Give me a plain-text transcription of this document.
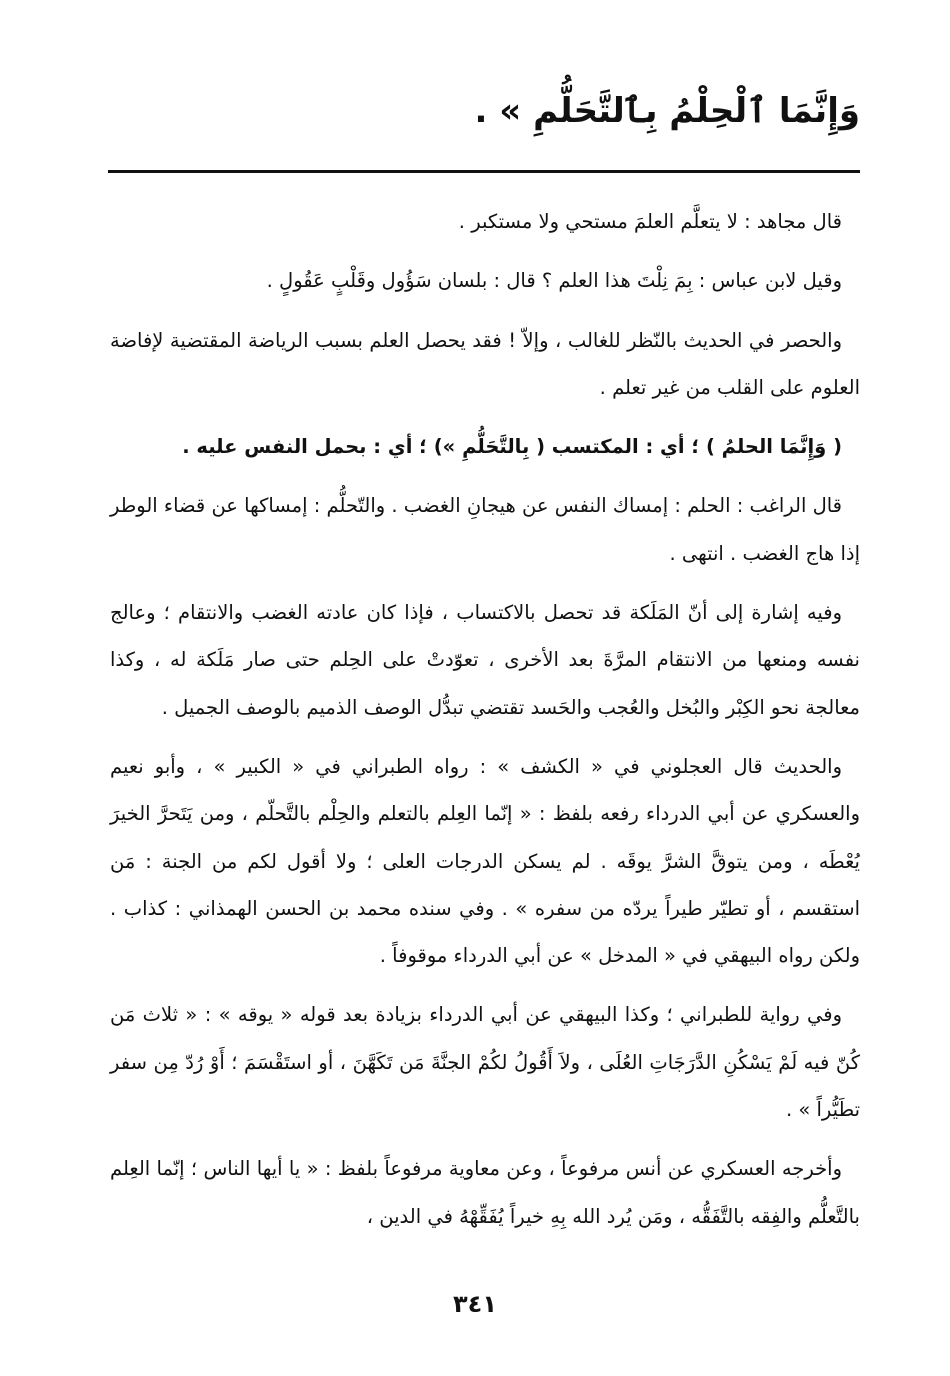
وَإِنَّمَا ٱلْحِلْمُ بِٱلتَّحَلُّمِ » .

قال مجاهد : لا يتعلَّم العلمَ مستحي ولا مستكبر .

وقيل لابن عباس : بِمَ نِلْتَ هذا العلم ؟ قال : بلسان سَؤُول وقَلْبٍ عَقُولٍ .

والحصر في الحديث بالنّظر للغالب ، وإلاّ ! فقد يحصل العلم بسبب الرياضة المقتضية لإفاضة العلوم على القلب من غير تعلم .

( وَإِنَّمَا الحلمُ ) ؛ أي : المكتسب ( بِالتَّحَلُّمِ ») ؛ أي : بحمل النفس عليه .

قال الراغب : الحلم : إمساك النفس عن هيجانِ الغضب . والتّحلُّم : إمساكها عن قضاء الوطر إذا هاج الغضب . انتهى .

وفيه إشارة إلى أنّ المَلَكة قد تحصل بالاكتساب ، فإذا كان عادته الغضب والانتقام ؛ وعالج نفسه ومنعها من الانتقام المرَّةَ بعد الأخرى ، تعوّدتْ على الحِلم حتى صار مَلَكة له ، وكذا معالجة نحو الكِبْر والبُخل والعُجب والحَسد تقتضي تبدُّل الوصف الذميم بالوصف الجميل .

والحديث قال العجلوني في « الكشف » : رواه الطبراني في « الكبير » ، وأبو نعيم والعسكري عن أبي الدرداء رفعه بلفظ : « إنّما العِلم بالتعلم والحِلْم بالتَّحلّم ، ومن يَتَحرَّ الخيرَ يُعْطَه ، ومن يتوقَّ الشرَّ يوقَه . لم يسكن الدرجات العلى ؛ ولا أقول لكم من الجنة : مَن استقسم ، أو تطيّر طيراً يردّه من سفره » . وفي سنده محمد بن الحسن الهمذاني : كذاب . ولكن رواه البيهقي في « المدخل » عن أبي الدرداء موقوفاً .

وفي رواية للطبراني ؛ وكذا البيهقي عن أبي الدرداء بزيادة بعد قوله « يوقه » : « ثلاث مَن كُنّ فيه لَمْ يَسْكُنِ الدَّرَجَاتِ العُلَى ، ولاَ أَقُولُ لكُمْ الجنَّةَ مَن تَكَهَّنَ ، أو استَقْسَمَ ؛ أَوْ رُدّ مِن سفر تطَيُّراً » .

وأخرجه العسكري عن أنس مرفوعاً ، وعن معاوية مرفوعاً بلفظ : « يا أيها الناس ؛ إنّما العِلم بالتَّعلُّم والفِقه بالتَّفَقُّه ، ومَن يُرد الله بِهِ خيراً يُفَقِّهْهُ في الدين ،

٣٤١
